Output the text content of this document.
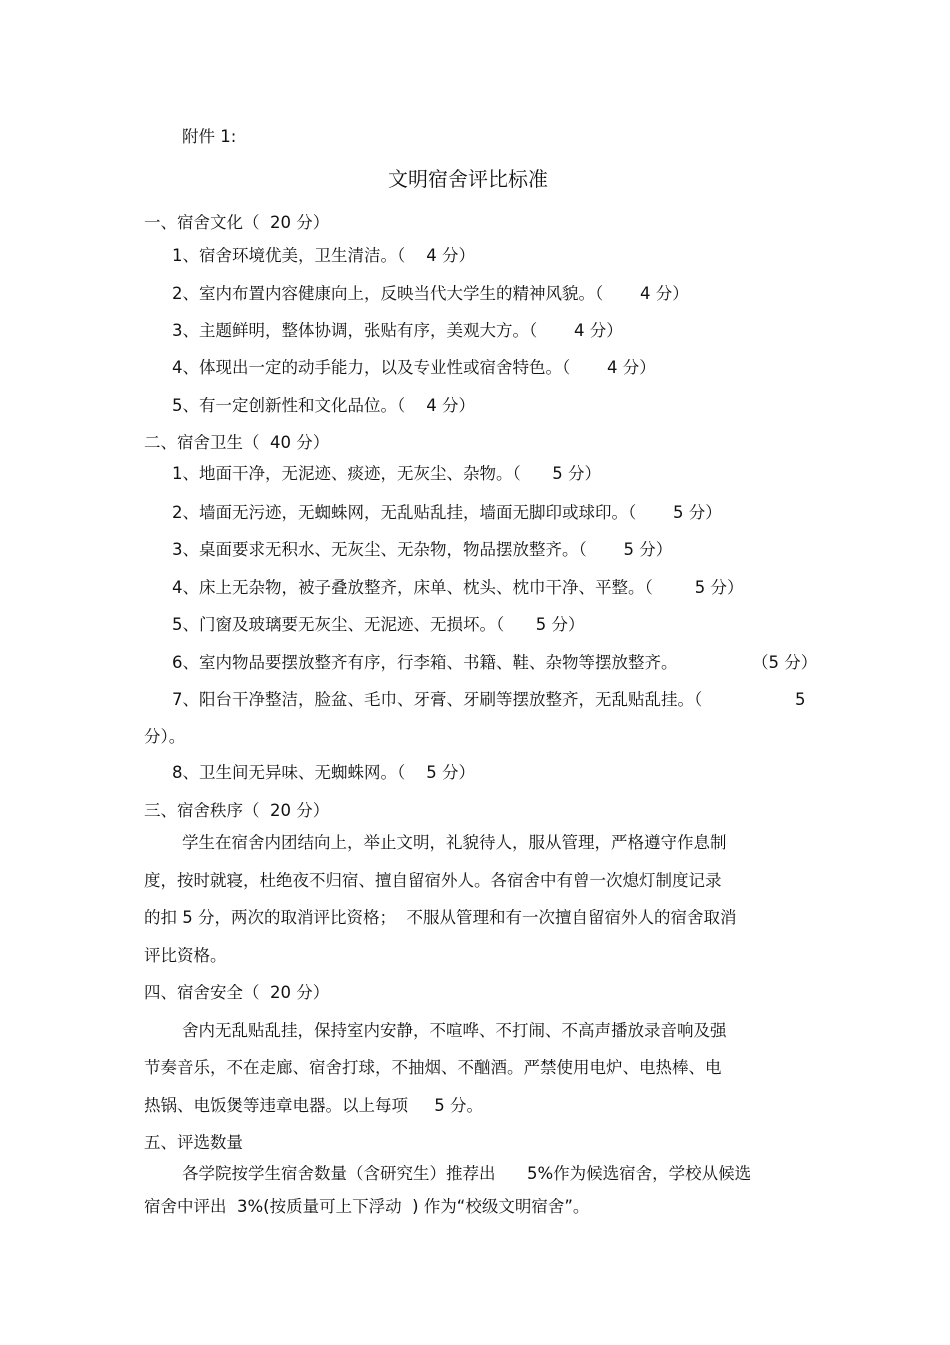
附件 1:
文明宿舍评比标准
一、宿舍文化（  20 分）
1、宿舍环境优美，卫生清洁。（    4 分）
2、室内布置内容健康向上，反映当代大学生的精神风貌。（       4 分）
3、主题鲜明，整体协调，张贴有序，美观大方。（       4 分）
4、体现出一定的动手能力，以及专业性或宿舍特色。（       4 分）
5、有一定创新性和文化品位。（    4 分）
二、宿舍卫生（  40 分）
1、地面干净，无泥迹、痰迹，无灰尘、杂物。（      5 分）
2、墙面无污迹，无蜘蛛网，无乱贴乱挂，墙面无脚印或球印。（       5 分）
3、桌面要求无积水、无灰尘、无杂物，物品摆放整齐。（       5 分）
4、床上无杂物，被子叠放整齐，床单、枕头、枕巾干净、平整。（        5 分）
5、门窗及玻璃要无灰尘、无泥迹、无损坏。（      5 分）
6、室内物品要摆放整齐有序，行李箱、书籍、鞋、杂物等摆放整齐。	（5 分）
7、阳台干净整洁，脸盆、毛巾、牙膏、牙刷等摆放整齐，无乱贴乱挂。（	5
分）。
8、卫生间无异味、无蜘蛛网。（    5 分）
三、宿舍秩序（  20 分）
学生在宿舍内团结向上，举止文明，礼貌待人，服从管理，严格遵守作息制
度，按时就寝，杜绝夜不归宿、擅自留宿外人。各宿舍中有曾一次熄灯制度记录
的扣 5 分，两次的取消评比资格；  不服从管理和有一次擅自留宿外人的宿舍取消
评比资格。
四、宿舍安全（  20 分）
舍内无乱贴乱挂，保持室内安静，不喧哗、不打闹、不高声播放录音响及强
节奏音乐，不在走廊、宿舍打球，不抽烟、不酗酒。严禁使用电炉、电热棒、电
热锅、电饭煲等违章电器。以上每项     5 分。
五、评选数量
各学院按学生宿舍数量（含研究生）推荐出      5%作为候选宿舍，学校从候选
宿舍中评出  3%(按质量可上下浮动  ) 作为“校级文明宿舍”。
